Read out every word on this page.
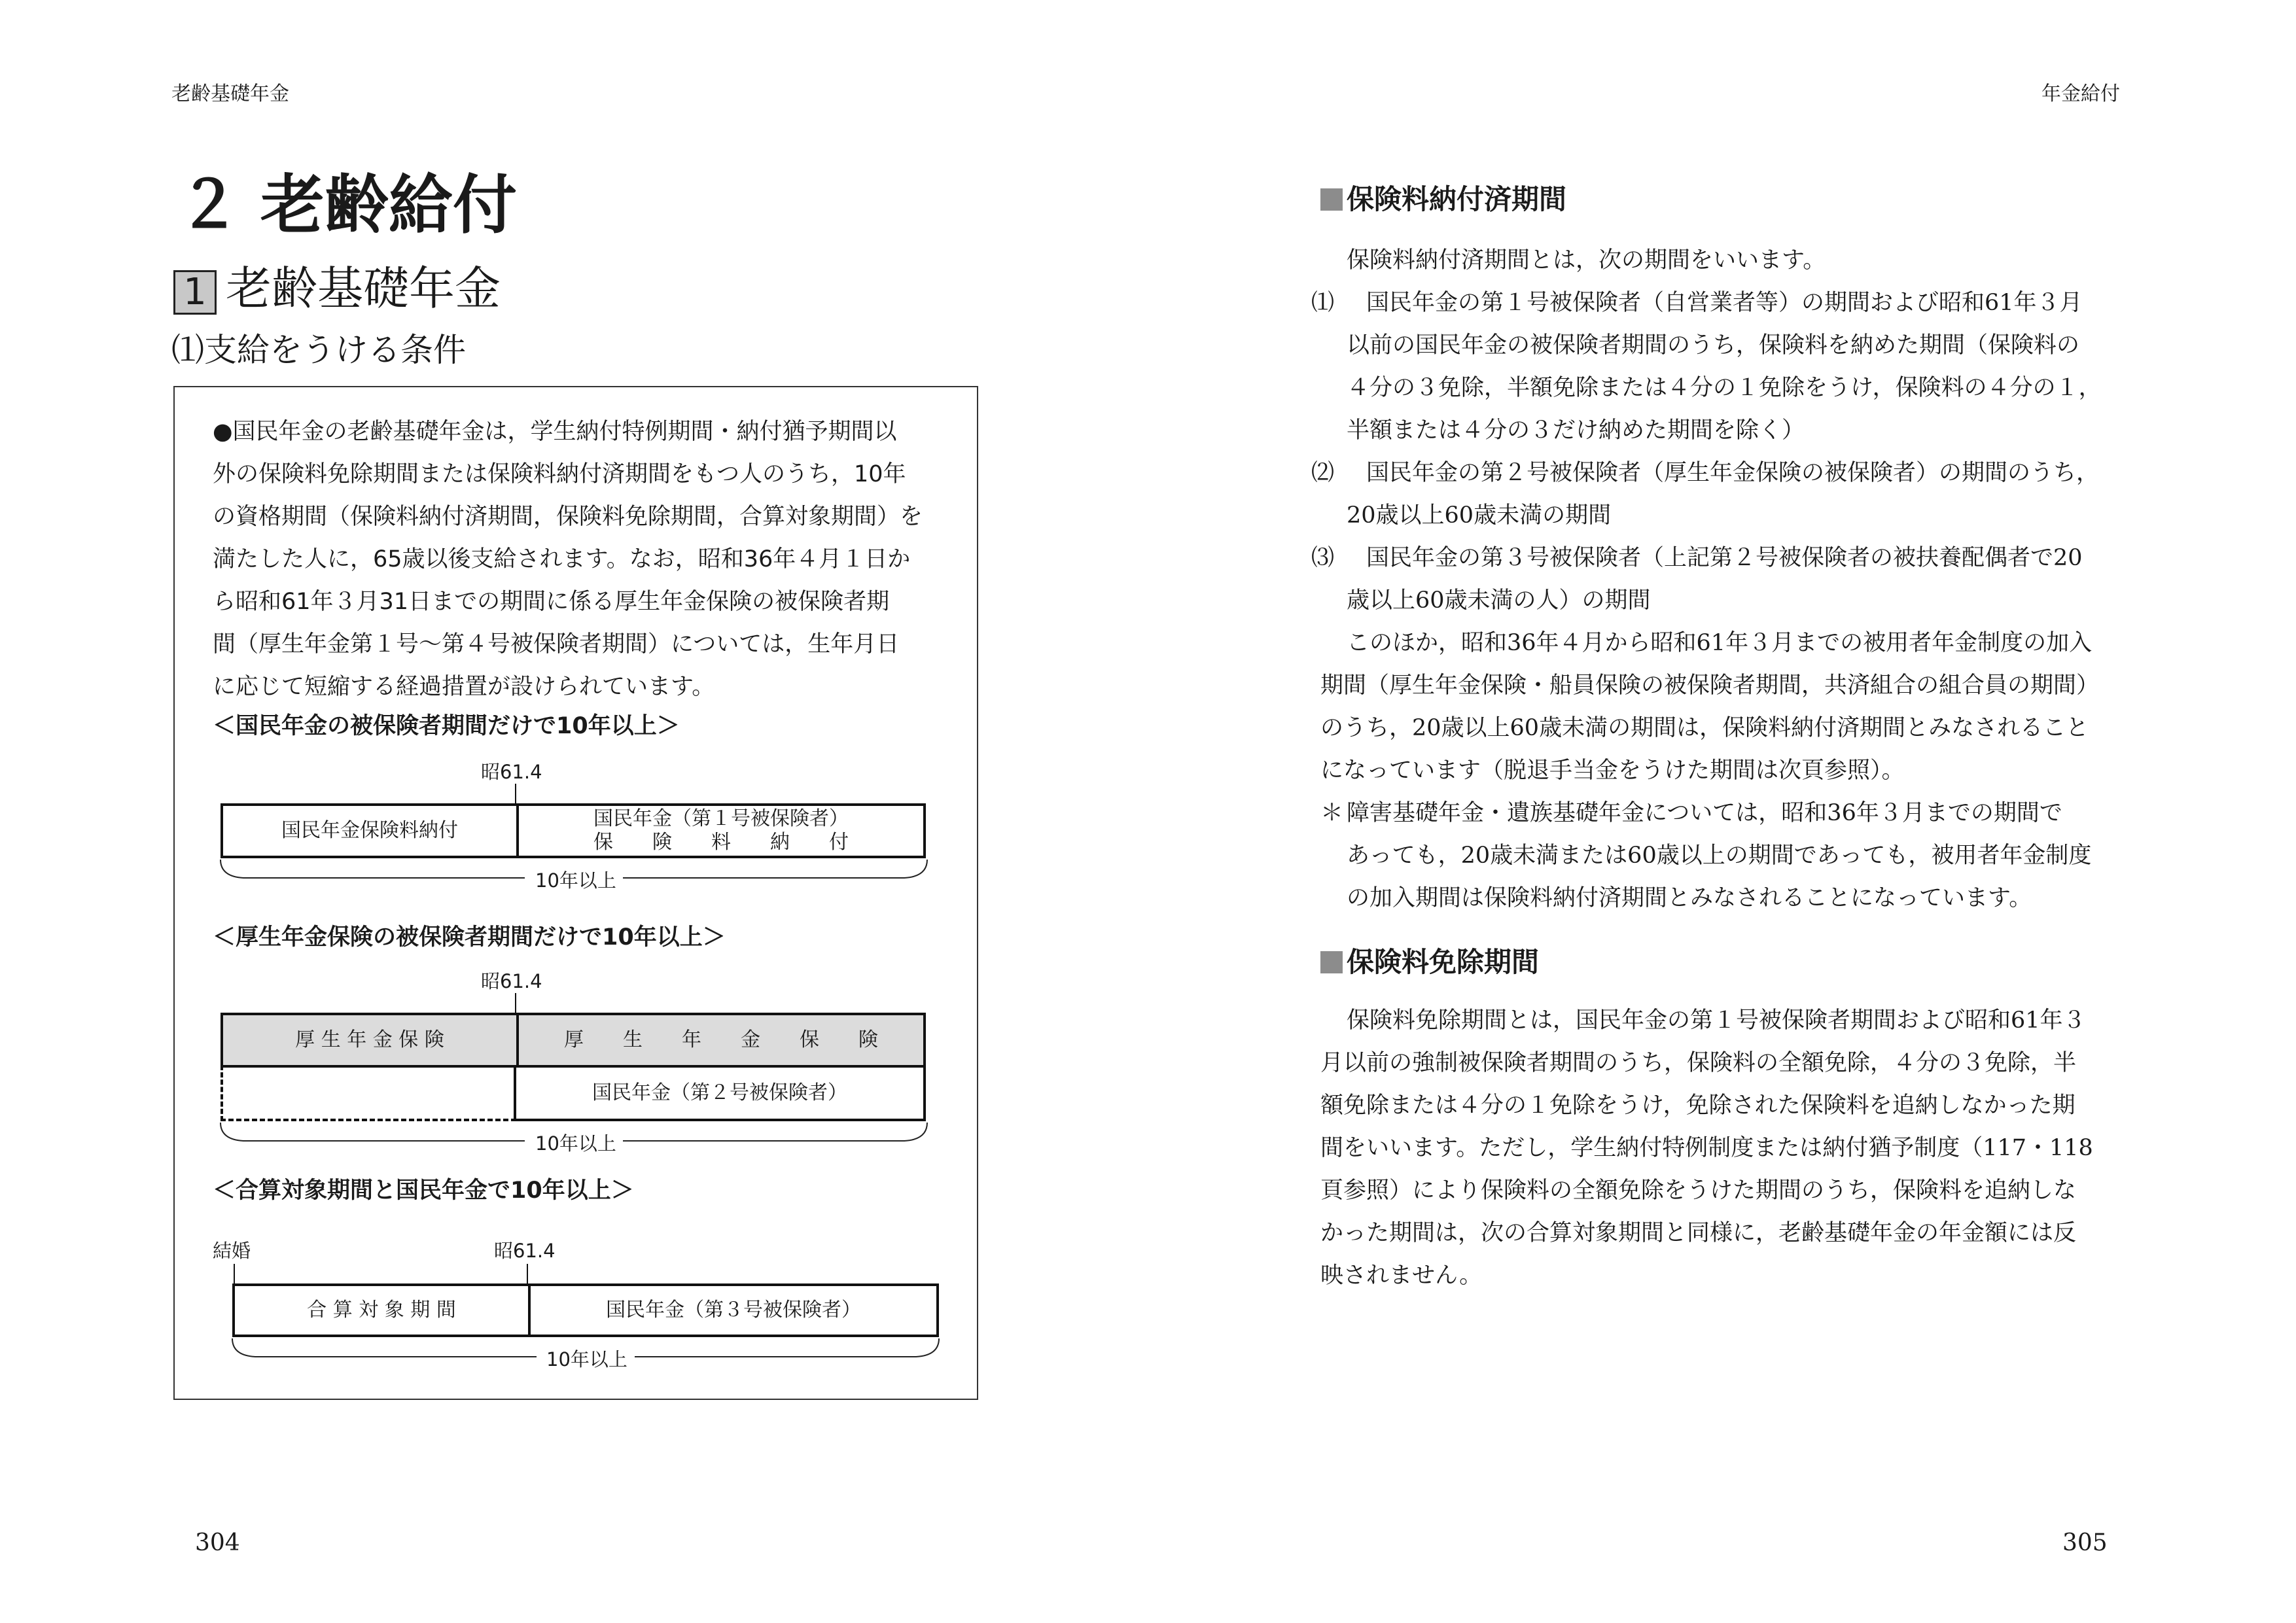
老齢基礎年金
２ 老齢給付
1 老齢基礎年金
⑴支給をうける条件
●国民年金の老齢基礎年金は，学生納付特例期間・納付猶予期間以
外の保険料免除期間または保険料納付済期間をもつ人のうち，10年
の資格期間（保険料納付済期間，保険料免除期間，合算対象期間）を
満たした人に，65歳以後支給されます。なお，昭和36年４月１日か
ら昭和61年３月31日までの期間に係る厚生年金保険の被保険者期
間（厚生年金第１号〜第４号被保険者期間）については，生年月日
に応じて短縮する経過措置が設けられています。
＜国民年金の被保険者期間だけで10年以上＞
昭61.4
国民年金保険料納付
国民年金（第１号被保険者）
保　　険　　料　　納　　付
10年以上
＜厚生年金保険の被保険者期間だけで10年以上＞
昭61.4
厚 生 年 金 保 険	厚　　生　　年　　金　　保　　険
国民年金（第２号被保険者）
10年以上
＜合算対象期間と国民年金で10年以上＞
結婚	昭61.4
合 算 対 象 期 間	国民年金（第３号被保険者）
10年以上
304
年金給付
保険料納付済期間
保険料納付済期間とは，次の期間をいいます。
⑴	国民年金の第１号被保険者（自営業者等）の期間および昭和61年３月
以前の国民年金の被保険者期間のうち，保険料を納めた期間（保険料の
４分の３免除，半額免除または４分の１免除をうけ，保険料の４分の１，
半額または４分の３だけ納めた期間を除く）
⑵	国民年金の第２号被保険者（厚生年金保険の被保険者）の期間のうち，
20歳以上60歳未満の期間
⑶	国民年金の第３号被保険者（上記第２号被保険者の被扶養配偶者で20
歳以上60歳未満の人）の期間
このほか，昭和36年４月から昭和61年３月までの被用者年金制度の加入
期間（厚生年金保険・船員保険の被保険者期間，共済組合の組合員の期間）
のうち，20歳以上60歳未満の期間は，保険料納付済期間とみなされること
になっています（脱退手当金をうけた期間は次頁参照）。
＊ 障害基礎年金・遺族基礎年金については，昭和36年３月までの期間で
あっても，20歳未満または60歳以上の期間であっても，被用者年金制度
の加入期間は保険料納付済期間とみなされることになっています。
保険料免除期間
保険料免除期間とは，国民年金の第１号被保険者期間および昭和61年３
月以前の強制被保険者期間のうち，保険料の全額免除，４分の３免除，半
額免除または４分の１免除をうけ，免除された保険料を追納しなかった期
間をいいます。ただし，学生納付特例制度または納付猶予制度（117・118
頁参照）により保険料の全額免除をうけた期間のうち，保険料を追納しな
かった期間は，次の合算対象期間と同様に，老齢基礎年金の年金額には反
映されません。
305
